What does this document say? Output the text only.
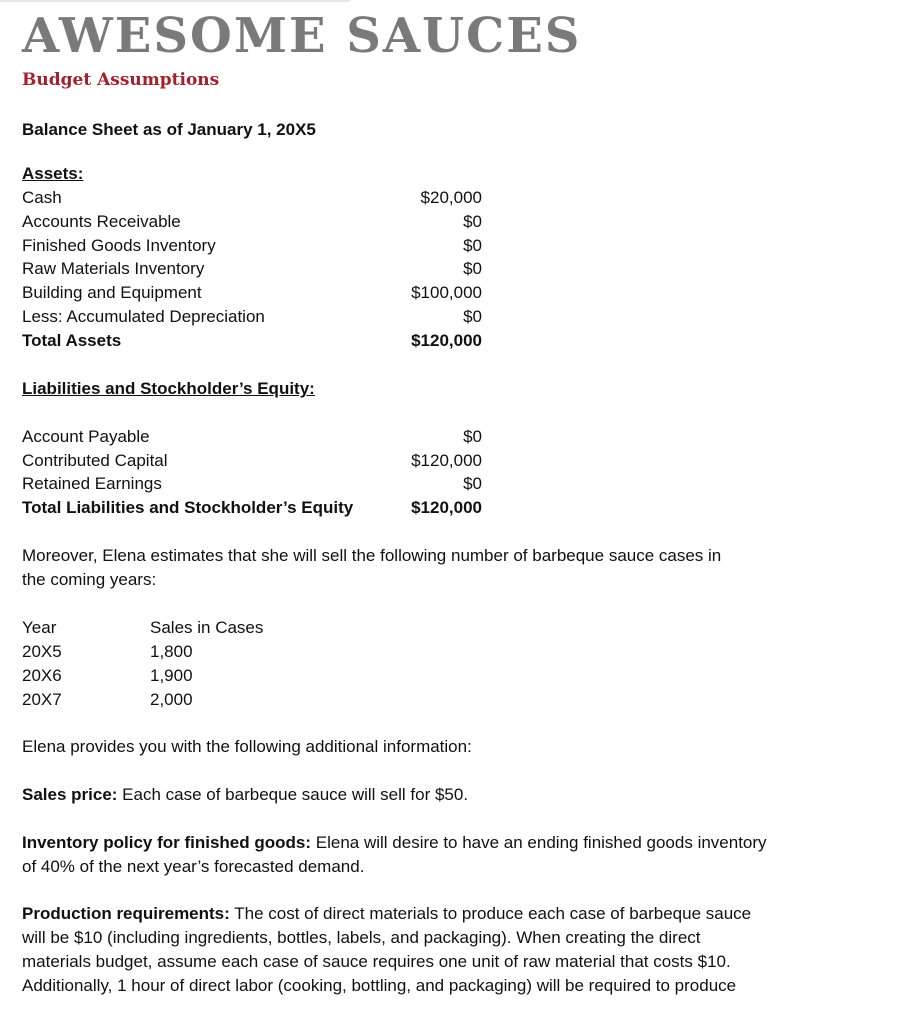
AWESOME SAUCES
Budget Assumptions
Balance Sheet as of January 1, 20X5
Assets:
Cash	$20,000
Accounts Receivable	$0
Finished Goods Inventory	$0
Raw Materials Inventory	$0
Building and Equipment	$100,000
Less: Accumulated Depreciation	$0
Total Assets	$120,000
Liabilities and Stockholder’s Equity:
Account Payable	$0
Contributed Capital	$120,000
Retained Earnings	$0
Total Liabilities and Stockholder’s Equity	$120,000
Moreover, Elena estimates that she will sell the following number of barbeque sauce cases in
the coming years:
Year	Sales in Cases
20X5	1,800
20X6	1,900
20X7	2,000
Elena provides you with the following additional information:
Sales price: Each case of barbeque sauce will sell for $50.
Inventory policy for finished goods: Elena will desire to have an ending finished goods inventory
of 40% of the next year’s forecasted demand.
Production requirements: The cost of direct materials to produce each case of barbeque sauce
will be $10 (including ingredients, bottles, labels, and packaging). When creating the direct
materials budget, assume each case of sauce requires one unit of raw material that costs $10.
Additionally, 1 hour of direct labor (cooking, bottling, and packaging) will be required to produce
